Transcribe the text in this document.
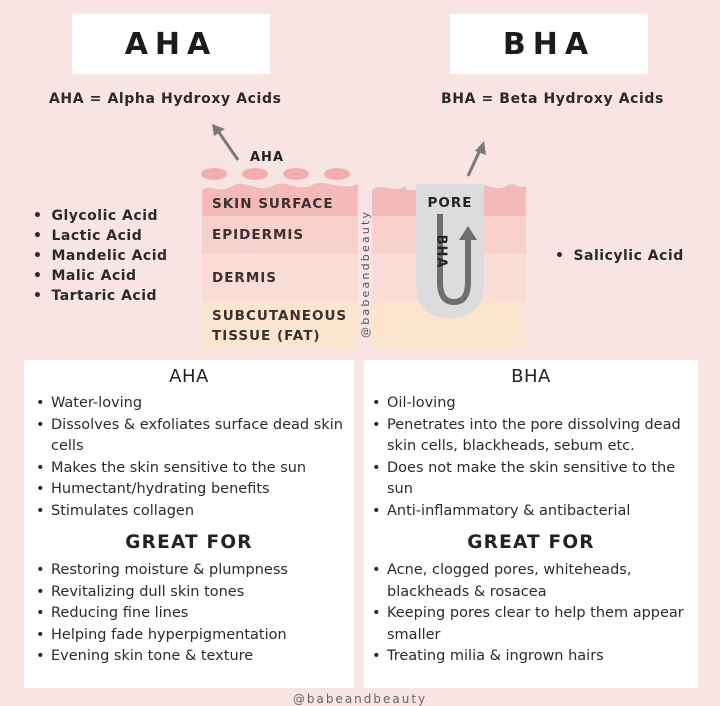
AHA	BHA
AHA = Alpha Hydroxy Acids	BHA = Beta Hydroxy Acids
AHA
SKIN SURFACE
EPIDERMIS
DERMIS
SUBCUTANEOUS
TISSUE (FAT)
PORE
BHA
@babeandbeauty
• Glycolic Acid
• Lactic Acid
• Mandelic Acid
• Malic Acid
• Tartaric Acid
• Salicylic Acid
AHA
• Water-loving
• Dissolves & exfoliates surface dead skin cells
• Makes the skin sensitive to the sun
• Humectant/hydrating benefits
• Stimulates collagen
GREAT FOR
• Restoring moisture & plumpness
• Revitalizing dull skin tones
• Reducing fine lines
• Helping fade hyperpigmentation
• Evening skin tone & texture
BHA
• Oil-loving
• Penetrates into the pore dissolving dead skin cells, blackheads, sebum etc.
• Does not make the skin sensitive to the sun
• Anti-inflammatory & antibacterial
GREAT FOR
• Acne, clogged pores, whiteheads, blackheads & rosacea
• Keeping pores clear to help them appear smaller
• Treating milia & ingrown hairs
@babeandbeauty
